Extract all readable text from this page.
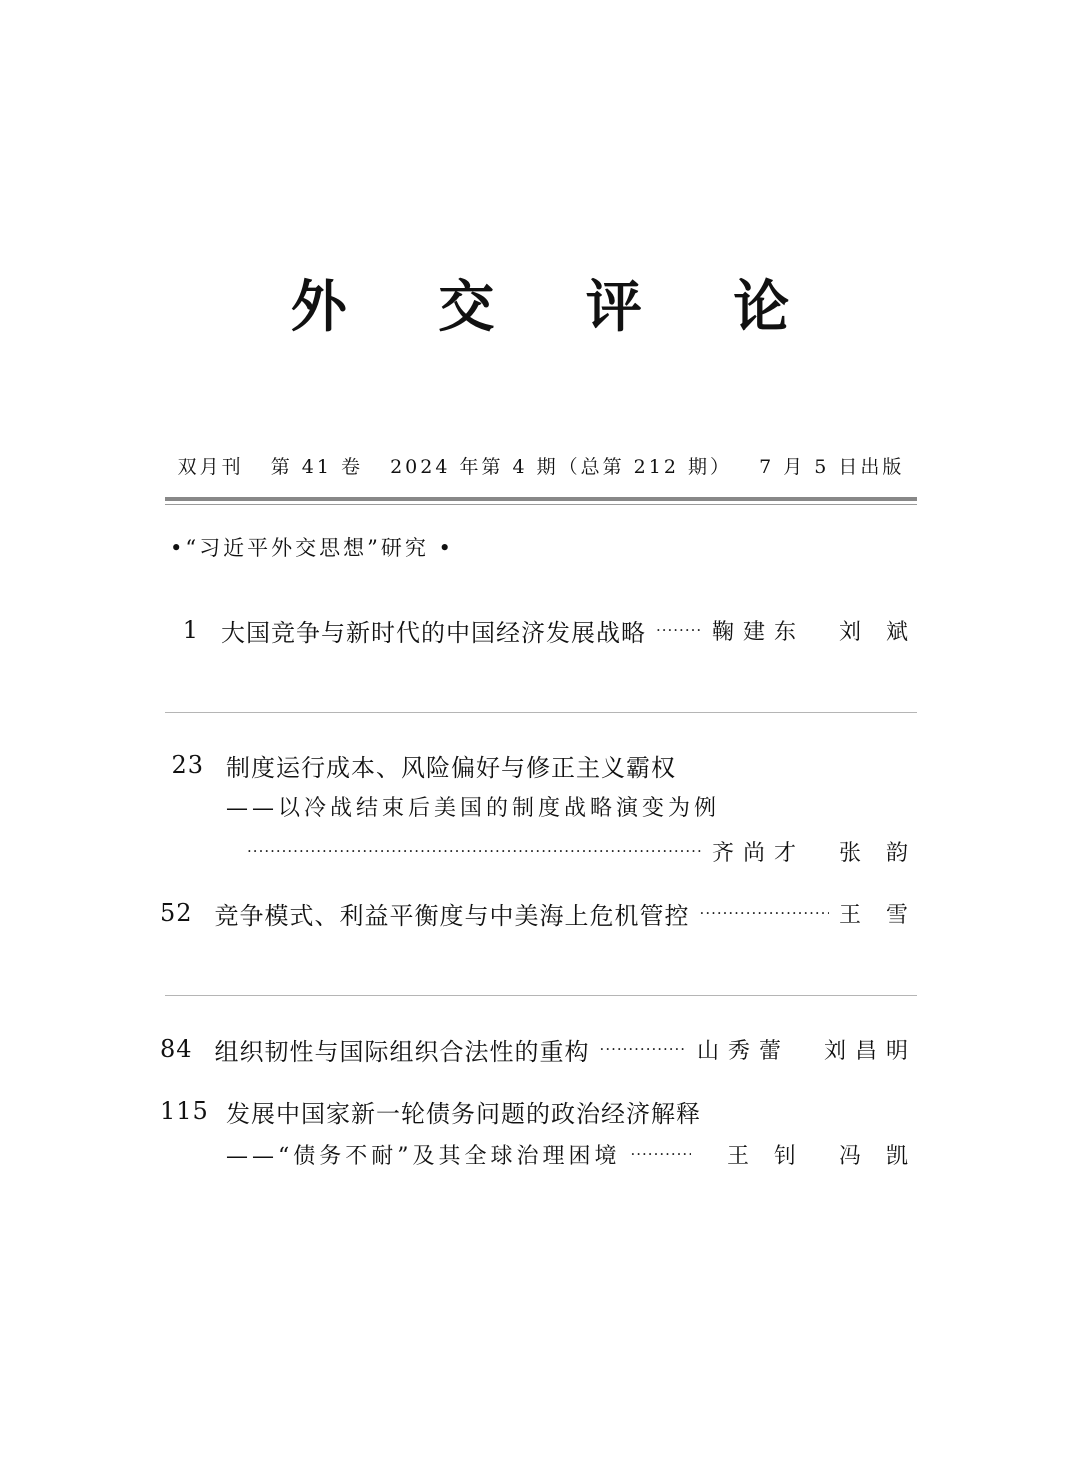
外 交 评 论
双月刊   第 41 卷   2024 年第 4 期（总第 212 期）   7 月 5 日出版
•“习近平外交思想”研究 •
1 大国竞争与新时代的中国经济发展战略 ·····	鞠建东 刘 斌
23 制度运行成本、风险偏好与修正主义霸权
——以冷战结束后美国的制度战略演变为例
·····
齐尚才 张 韵
52 竞争模式、利益平衡度与中美海上危机管控 ·····	王 雪
84 组织韧性与国际组织合法性的重构 ·····	山秀蕾 刘昌明
115 发展中国家新一轮债务问题的政治经济解释
——“债务不耐”及其全球治理困境 ·····	王 钊 冯 凯
